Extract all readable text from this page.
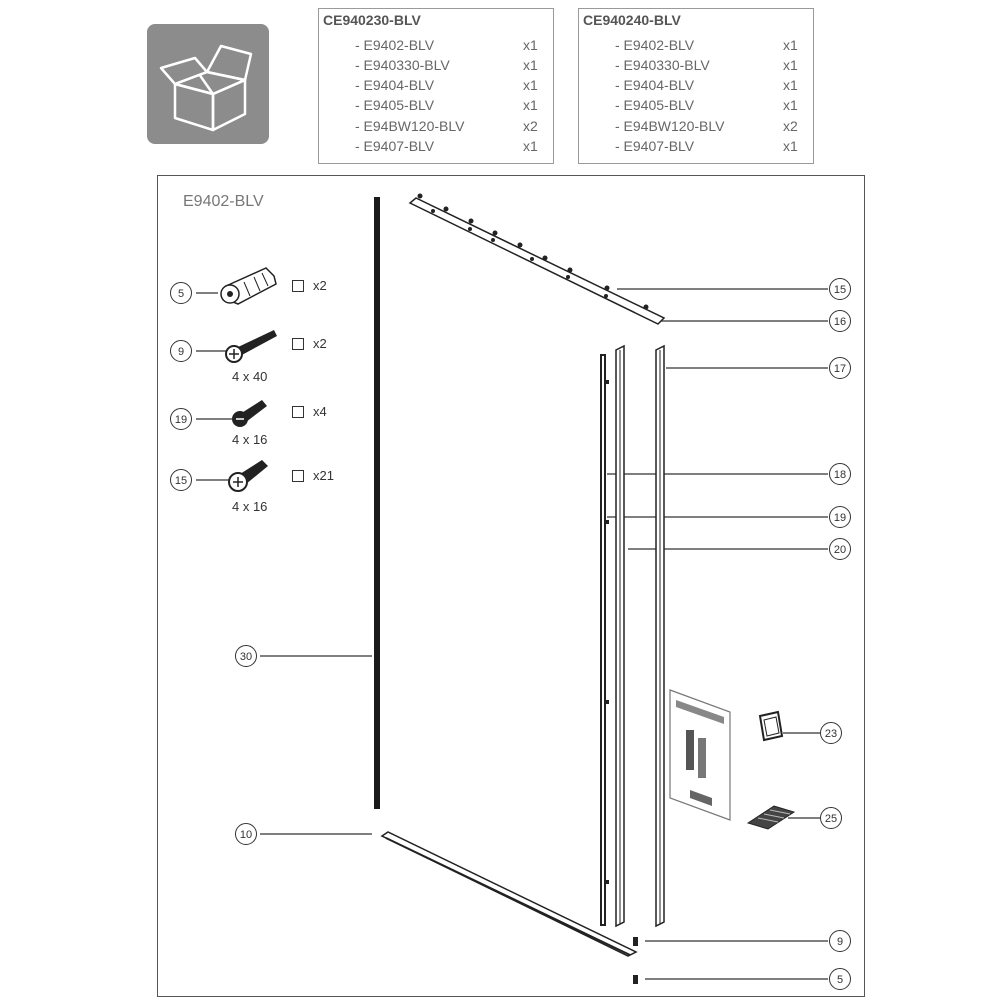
CE940230-BLV
- E9402-BLV	x1
- E940330-BLV	x1
- E9404-BLV	x1
- E9405-BLV	x1
- E94BW120-BLV	x2
- E9407-BLV	x1
CE940240-BLV
- E9402-BLV	x1
- E940330-BLV	x1
- E9404-BLV	x1
- E9405-BLV	x1
- E94BW120-BLV	x2
- E9407-BLV	x1
E9402-BLV
5
x2
9
x2
4 x 40
19
x4
4 x 16
15	x21
4 x 16
15
16
17
18
19
20
23
25
9
5
30
10
